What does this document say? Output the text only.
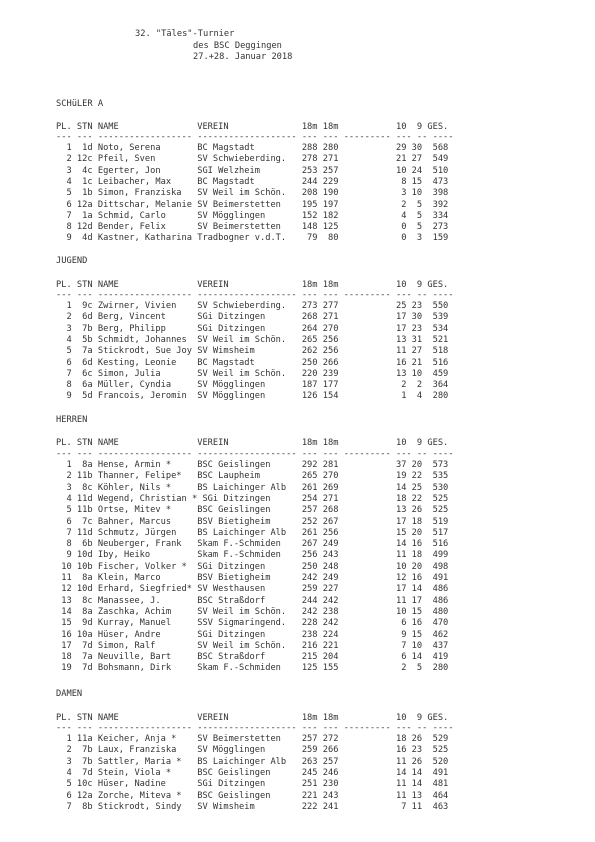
32. "Täles"-Turnier
des BSC Deggingen
27.+28. Januar 2018
SCHüLER A
PL. STN NAME               VEREIN              18m 18m           10  9 GES.
--- --- ------------------ ------------------- --- --- --------- --- -- ----
1  1d Noto, Serena       BC Magstadt         288 280           29 30  568
2 12c Pfeil, Sven        SV Schwieberding.   278 271           21 27  549
3  4c Egerter, Jon       SGI Welzheim        253 257           10 24  510
4  1c Leibacher, Max     BC Magstadt         244 229            8 15  473
5  1b Simon, Franziska   SV Weil im Schön.   208 190            3 10  398
6 12a Dittschar, Melanie SV Beimerstetten    195 197            2  5  392
7  1a Schmid, Carlo      SV Mögglingen       152 182            4  5  334
8 12d Bender, Felix      SV Beimerstetten    148 125            0  5  273
9  4d Kastner, Katharina Tradbogner v.d.T.    79  80            0  3  159
JUGEND
PL. STN NAME               VEREIN              18m 18m           10  9 GES.
--- --- ------------------ ------------------- --- --- --------- --- -- ----
1  9c Zwirner, Vivien    SV Schwieberding.   273 277           25 23  550
2  6d Berg, Vincent      SGi Ditzingen       268 271           17 30  539
3  7b Berg, Philipp      SGi Ditzingen       264 270           17 23  534
4  5b Schmidt, Johannes  SV Weil im Schön.   265 256           13 31  521
5  7a Stickrodt, Sue Joy SV Wimsheim         262 256           11 27  518
6  6d Kesting, Leonie    BC Magstadt         250 266           16 21  516
7  6c Simon, Julia       SV Weil im Schön.   220 239           13 10  459
8  6a Müller, Cyndia     SV Mögglingen       187 177            2  2  364
9  5d Francois, Jeromin  SV Mögglingen       126 154            1  4  280
HERREN
PL. STN NAME               VEREIN              18m 18m           10  9 GES.
--- --- ------------------ ------------------- --- --- --------- --- -- ----
1  8a Hense, Armin *     BSC Geislingen      292 281           37 20  573
2 11b Thanner, Felipe*   BSC Laupheim        265 270           19 22  535
3  8c Köhler, Nils *     BS Laichinger Alb   261 269           14 25  530
4 11d Wegend, Christian * SGi Ditzingen      254 271           18 22  525
5 11b Ortse, Mitev *     BSC Geislingen      257 268           13 26  525
6  7c Bahner, Marcus     BSV Bietigheim      252 267           17 18  519
7 11d Schmutz, Jürgen    BS Laichinger Alb   261 256           15 20  517
8  6b Neuberger, Frank   Skam F.-Schmiden    267 249           14 16  516
9 10d Iby, Heiko         Skam F.-Schmiden    256 243           11 18  499
10 10b Fischer, Volker *  SGi Ditzingen       250 248           10 20  498
11  8a Klein, Marco       BSV Bietigheim      242 249           12 16  491
12 10d Erhard, Siegfried* SV Westhausen       259 227           17 14  486
13  8c Manassee, J.       BSC Straßdorf       244 242           11 17  486
14  8a Zaschka, Achim     SV Weil im Schön.   242 238           10 15  480
15  9d Kurray, Manuel     SSV Sigmaringend.   228 242            6 16  470
16 10a Hüser, Andre       SGi Ditzingen       238 224            9 15  462
17  7d Simon, Ralf        SV Weil im Schön.   216 221            7 10  437
18  7a Neuville, Bart     BSC Straßdorf       215 204            6 14  419
19  7d Bohsmann, Dirk     Skam F.-Schmiden    125 155            2  5  280
DAMEN
PL. STN NAME               VEREIN              18m 18m           10  9 GES.
--- --- ------------------ ------------------- --- --- --------- --- -- ----
1 11a Keicher, Anja *    SV Beimerstetten    257 272           18 26  529
2  7b Laux, Franziska    SV Mögglingen       259 266           16 23  525
3  7b Sattler, Maria *   BS Laichinger Alb   263 257           11 26  520
4  7d Stein, Viola *     BSC Geislingen      245 246           14 14  491
5 10c Hüser, Nadine      SGi Ditzingen       251 230           11 14  481
6 12a Zorche, Miteva *   BSC Geislingen      221 243           11 13  464
7  8b Stickrodt, Sindy   SV Wimsheim         222 241            7 11  463
